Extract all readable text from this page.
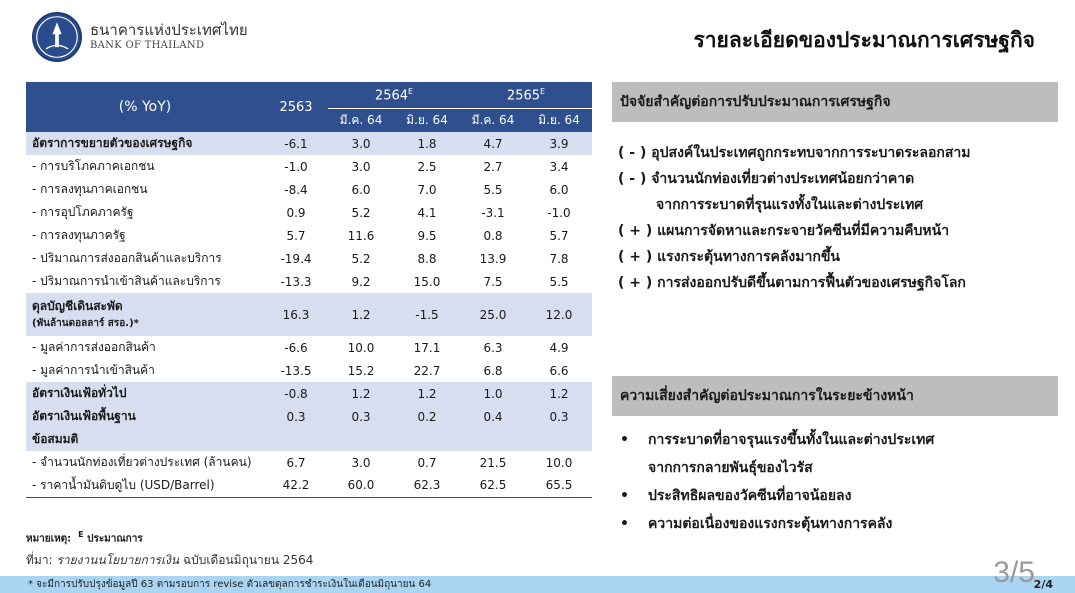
ธนาคารแห่งประเทศไทย
BANK OF THAILAND	รายละเอียดของประมาณการเศรษฐกิจ
(% YoY)	2563	$2564^E$		$2565^E$
		มี.ค. 64	มิ.ย. 64	มี.ค. 64	มิ.ย. 64
อัตราการขยายตัวของเศรษฐกิจ	-6.1	3.0	1.8	4.7	3.9
- การบริโภคภาคเอกชน	-1.0	3.0	2.5	2.7	3.4
- การลงทุนภาคเอกชน	-8.4	6.0	7.0	5.5	6.0
- การอุปโภคภาครัฐ	0.9	5.2	4.1	-3.1	-1.0
- การลงทุนภาครัฐ	5.7	11.6	9.5	0.8	5.7
- ปริมาณการส่งออกสินค้าและบริการ	-19.4	5.2	8.8	13.9	7.8
- ปริมาณการนำเข้าสินค้าและบริการ	-13.3	9.2	15.0	7.5	5.5

ดุลบัญชีเดินสะพัด
(พันล้านดอลลาร์ สรอ.)*	16.3	1.2	-1.5	25.0	12.0
- มูลค่าการส่งออกสินค้า	-6.6	10.0	17.1	6.3	4.9
- มูลค่าการนำเข้าสินค้า	-13.5	15.2	22.7	6.8	6.6
อัตราเงินเฟ้อทั่วไป	-0.8	1.2	1.2	1.0	1.2
อัตราเงินเฟ้อพื้นฐาน	0.3	0.3	0.2	0.4	0.3
ข้อสมมติ					
- จำนวนนักท่องเที่ยวต่างประเทศ (ล้านคน)	6.7	3.0	0.7	21.5	10.0
- ราคาน้ำมันดิบดูไบ (USD/Barrel)	42.2	60.0	62.3	62.5	65.5
หมายเหตุ: $^E$ ประมาณการ
ที่มา: รายงานนโยบายการเงิน ฉบับเดือนมิถุนายน 2564
ปัจจัยสำคัญต่อการปรับประมาณการเศรษฐกิจ
( - ) อุปสงค์ในประเทศถูกกระทบจากการระบาดระลอกสาม
( - ) จำนวนนักท่องเที่ยวต่างประเทศน้อยกว่าคาด
จากการระบาดที่รุนแรงทั้งในและต่างประเทศ
( + ) แผนการจัดหาและกระจายวัคซีนที่มีความคืบหน้า
( + ) แรงกระตุ้นทางการคลังมากขึ้น
( + ) การส่งออกปรับดีขึ้นตามการฟื้นตัวของเศรษฐกิจโลก
ความเสี่ยงสำคัญต่อประมาณการในระยะข้างหน้า
• การระบาดที่อาจรุนแรงขึ้นทั้งในและต่างประเทศ
จากการกลายพันธุ์ของไวรัส
• ประสิทธิผลของวัคซีนที่อาจน้อยลง
• ความต่อเนื่องของแรงกระตุ้นทางการคลัง
* จะมีการปรับปรุงข้อมูลปี 63 ตามรอบการ revise ตัวเลขดุลการชำระเงินในเดือนมิถุนายน 64	3/5
2/4
